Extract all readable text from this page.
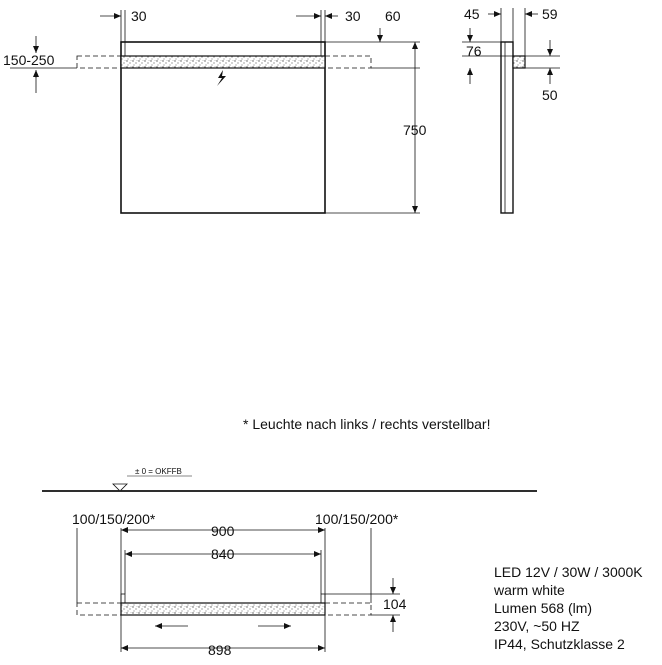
30	30 60
150-250
750
45	59
76
50
* Leuchte nach links / rechts verstellbar!
± 0 = OKFFB
100/150/200*	100/150/200*
900
840
898
104
LED 12V / 30W / 3000K
warm white
Lumen 568 (lm)
230V, ~50 HZ
IP44, Schutzklasse 2
